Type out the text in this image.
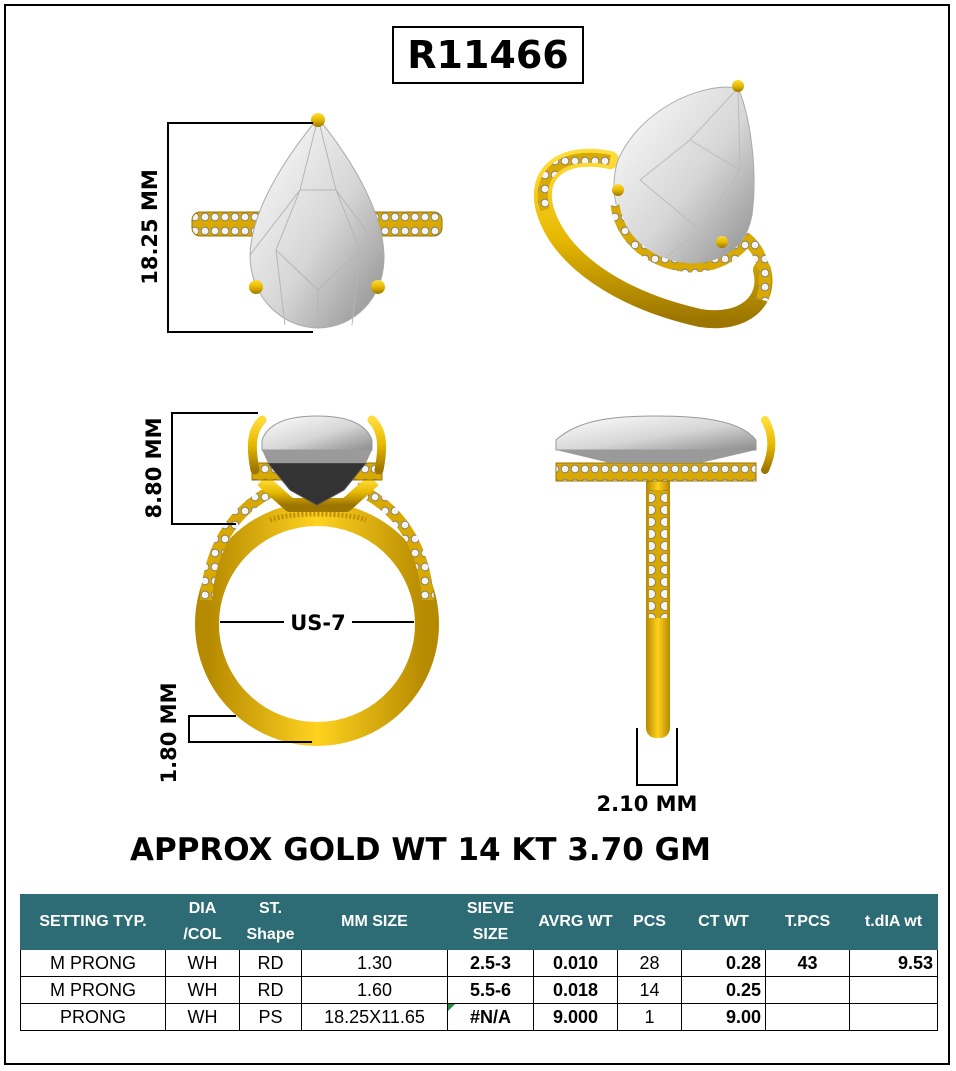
R11466
18.25 MM
8.80 MM
US-7
1.80 MM
2.10 MM
APPROX GOLD WT 14 KT 3.70 GM
SETTING TYP.	DIA /COL	ST. Shape	MM SIZE	SIEVE SIZE	AVRG WT	PCS	CT WT	T.PCS	t.dIA wt
M PRONG	WH	RD	1.30	2.5-3	0.010	28	0.28	43	9.53
M PRONG	WH	RD	1.60	5.5-6	0.018	14	0.25		
PRONG	WH	PS	18.25X11.65	#N/A	9.000	1	9.00		
